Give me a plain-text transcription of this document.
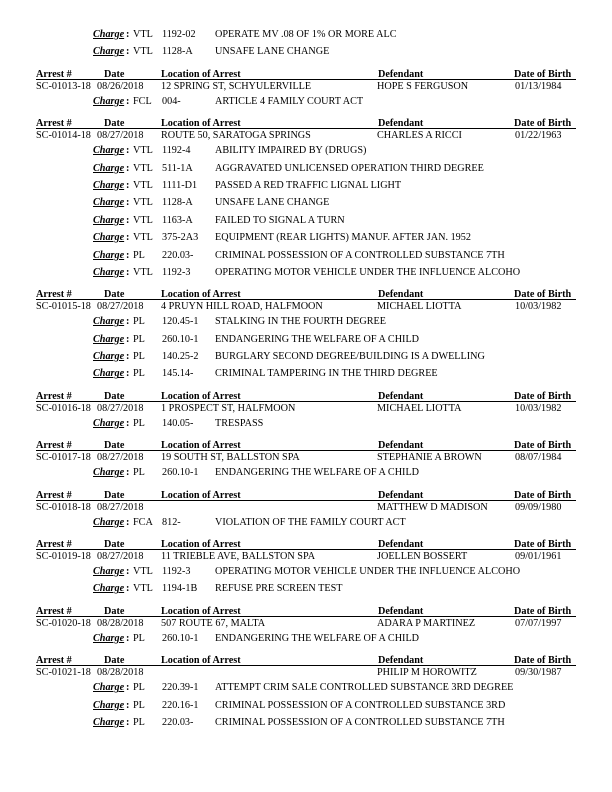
Charge : VTL 1192-02 OPERATE MV .08 OF 1% OR MORE ALC
Charge : VTL 1128-A UNSAFE LANE CHANGE
Arrest #	Date	Location of Arrest	Defendant	Date of Birth
SC-01013-18 08/26/2018 12 SPRING ST, SCHYULERVILLE	HOPE S FERGUSON	01/13/1984
Charge : FCL 004-	ARTICLE 4 FAMILY COURT ACT
Arrest #	Date	Location of Arrest	Defendant	Date of Birth
SC-01014-18 08/27/2018 ROUTE 50, SARATOGA SPRINGS	CHARLES A RICCI	01/22/1963
Charge : VTL 1192-4 ABILITY IMPAIRED BY (DRUGS)
Charge : VTL 511-1A AGGRAVATED UNLICENSED OPERATION THIRD DEGREE
Charge : VTL 1111-D1 PASSED A RED TRAFFIC LIGNAL LIGHT
Charge : VTL 1128-A UNSAFE LANE CHANGE
Charge : VTL 1163-A FAILED TO SIGNAL A TURN
Charge : VTL 375-2A3 EQUIPMENT (REAR LIGHTS) MANUF. AFTER JAN. 1952
Charge : PL 220.03- CRIMINAL POSSESSION OF A CONTROLLED SUBSTANCE 7TH
Charge : VTL 1192-3 OPERATING MOTOR VEHICLE UNDER THE INFLUENCE ALCOHO
Arrest #	Date	Location of Arrest	Defendant	Date of Birth
SC-01015-18 08/27/2018 4 PRUYN HILL ROAD, HALFMOON	MICHAEL LIOTTA	10/03/1982
Charge : PL 120.45-1 STALKING IN THE FOURTH DEGREE
Charge : PL 260.10-1 ENDANGERING THE WELFARE OF A CHILD
Charge : PL 140.25-2 BURGLARY SECOND DEGREE/BUILDING IS A DWELLING
Charge : PL 145.14- CRIMINAL TAMPERING IN THE THIRD DEGREE
Arrest #	Date	Location of Arrest	Defendant	Date of Birth
SC-01016-18 08/27/2018 1 PROSPECT ST, HALFMOON	MICHAEL LIOTTA	10/03/1982
Charge : PL 140.05- TRESPASS
Arrest #	Date	Location of Arrest	Defendant	Date of Birth
SC-01017-18 08/27/2018 19 SOUTH ST, BALLSTON SPA	STEPHANIE A BROWN	08/07/1984
Charge : PL 260.10-1 ENDANGERING THE WELFARE OF A CHILD
Arrest #	Date	Location of Arrest	Defendant	Date of Birth
SC-01018-18 08/27/2018	MATTHEW D MADISON	09/09/1980
Charge : FCA 812-	VIOLATION OF THE FAMILY COURT ACT
Arrest #	Date	Location of Arrest	Defendant	Date of Birth
SC-01019-18 08/27/2018 11 TRIEBLE AVE, BALLSTON SPA	JOELLEN BOSSERT	09/01/1961
Charge : VTL 1192-3 OPERATING MOTOR VEHICLE UNDER THE INFLUENCE ALCOHO
Charge : VTL 1194-1B REFUSE PRE SCREEN TEST
Arrest #	Date	Location of Arrest	Defendant	Date of Birth
SC-01020-18 08/28/2018 507 ROUTE 67, MALTA	ADARA P MARTINEZ	07/07/1997
Charge : PL 260.10-1 ENDANGERING THE WELFARE OF A CHILD
Arrest #	Date	Location of Arrest	Defendant	Date of Birth
SC-01021-18 08/28/2018	PHILIP M HOROWITZ	09/30/1987
Charge : PL 220.39-1 ATTEMPT CRIM SALE CONTROLLED SUBSTANCE 3RD DEGREE
Charge : PL 220.16-1 CRIMINAL POSSESSION OF A CONTROLLED SUBSTANCE 3RD
Charge : PL 220.03- CRIMINAL POSSESSION OF A CONTROLLED SUBSTANCE 7TH
